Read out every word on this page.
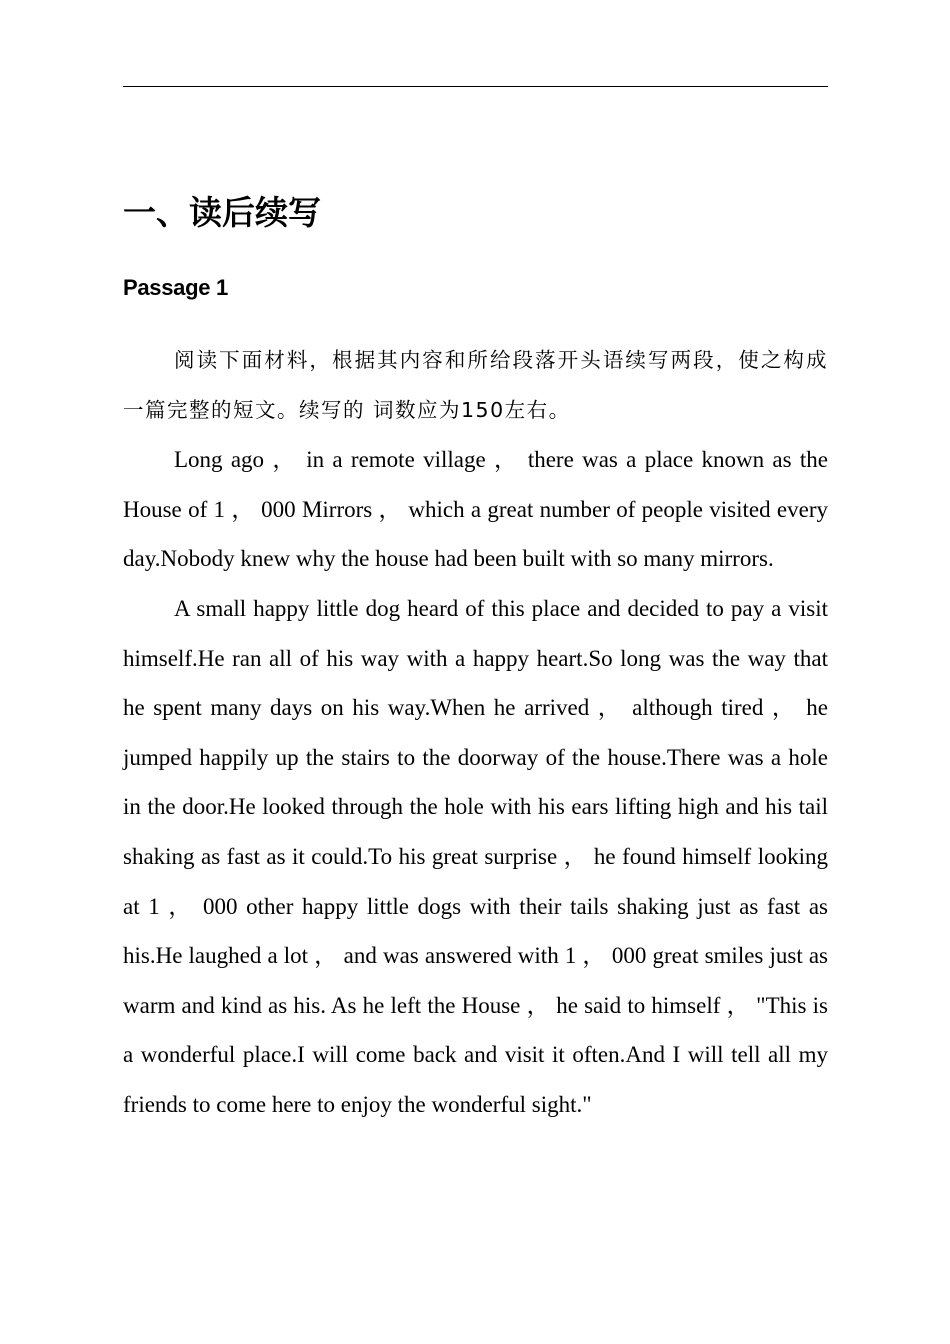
一、读后续写
Passage 1

阅读下面材料，根据其内容和所给段落开头语续写两段，使之构成一篇完整的短文。续写的 词数应为150左右。

Long ago ， in a remote village ， there was a place known as the House of 1 ， 000 Mirrors ， which a great number of people visited every day.Nobody knew why the house had been built with so many mirrors.

A small happy little dog heard of this place and decided to pay a visit himself.He ran all of his way with a happy heart.So long was the way that he spent many days on his way.When he arrived ， although tired ， he jumped happily up the stairs to the doorway of the house.There was a hole in the door.He looked through the hole with his ears lifting high and his tail shaking as fast as it could.To his great surprise ， he found himself looking at 1 ， 000 other happy little dogs with their tails shaking just as fast as his.He laughed a lot ， and was answered with 1 ， 000 great smiles just as warm and kind as his. As he left the House ， he said to himself ， "This is a wonderful place.I will come back and visit it often.And I will tell all my friends to come here to enjoy the wonderful sight."
